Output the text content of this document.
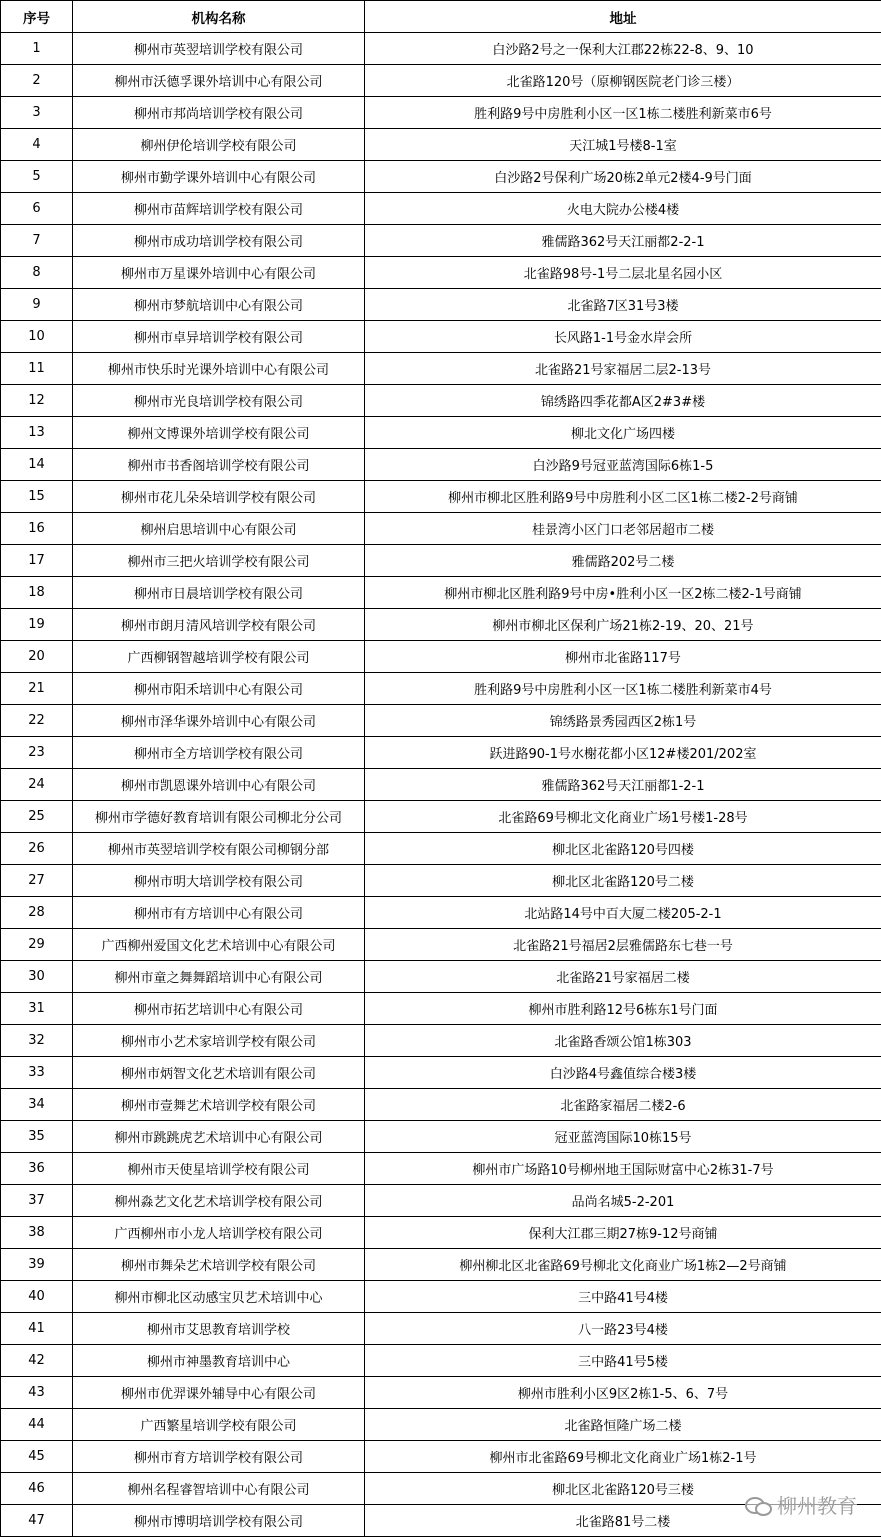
序号	机构名称	地址
1	柳州市英翌培训学校有限公司	白沙路2号之一保利大江郡22栋22-8、9、10
2	柳州市沃德孚课外培训中心有限公司	北雀路120号（原柳钢医院老门诊三楼）
3	柳州市邦尚培训学校有限公司	胜利路9号中房胜利小区一区1栋二楼胜利新菜市6号
4	柳州伊伦培训学校有限公司	天江城1号楼8-1室
5	柳州市勤学课外培训中心有限公司	白沙路2号保利广场20栋2单元2楼4-9号门面
6	柳州市苗辉培训学校有限公司	火电大院办公楼4楼
7	柳州市成功培训学校有限公司	雅儒路362号天江丽都2-2-1
8	柳州市万星课外培训中心有限公司	北雀路98号-1号二层北星名园小区
9	柳州市梦航培训中心有限公司	北雀路7区31号3楼
10	柳州市卓异培训学校有限公司	长风路1-1号金水岸会所
11	柳州市快乐时光课外培训中心有限公司	北雀路21号家福居二层2-13号
12	柳州市光良培训学校有限公司	锦绣路四季花都A区2#3#楼
13	柳州文博课外培训学校有限公司	柳北文化广场四楼
14	柳州市书香阁培训学校有限公司	白沙路9号冠亚蓝湾国际6栋1-5
15	柳州市花儿朵朵培训学校有限公司	柳州市柳北区胜利路9号中房胜利小区二区1栋二楼2-2号商铺
16	柳州启思培训中心有限公司	桂景湾小区门口老邻居超市二楼
17	柳州市三把火培训学校有限公司	雅儒路202号二楼
18	柳州市日晨培训学校有限公司	柳州市柳北区胜利路9号中房•胜利小区一区2栋二楼2-1号商铺
19	柳州市朗月清风培训学校有限公司	柳州市柳北区保利广场21栋2-19、20、21号
20	广西柳钢智越培训学校有限公司	柳州市北雀路117号
21	柳州市阳禾培训中心有限公司	胜利路9号中房胜利小区一区1栋二楼胜利新菜市4号
22	柳州市泽华课外培训中心有限公司	锦绣路景秀园西区2栋1号
23	柳州市全方培训学校有限公司	跃进路90-1号水榭花都小区12#楼201/202室
24	柳州市凯恩课外培训中心有限公司	雅儒路362号天江丽都1-2-1
25	柳州市学德好教育培训有限公司柳北分公司	北雀路69号柳北文化商业广场1号楼1-28号
26	柳州市英翌培训学校有限公司柳钢分部	柳北区北雀路120号四楼
27	柳州市明大培训学校有限公司	柳北区北雀路120号二楼
28	柳州市有方培训中心有限公司	北站路14号中百大厦二楼205-2-1
29	广西柳州爱国文化艺术培训中心有限公司	北雀路21号福居2层雅儒路东七巷一号
30	柳州市童之舞舞蹈培训中心有限公司	北雀路21号家福居二楼
31	柳州市拓艺培训中心有限公司	柳州市胜利路12号6栋东1号门面
32	柳州市小艺术家培训学校有限公司	北雀路香颂公馆1栋303
33	柳州市炳智文化艺术培训有限公司	白沙路4号鑫值综合楼3楼
34	柳州市壹舞艺术培训学校有限公司	北雀路家福居二楼2-6
35	柳州市跳跳虎艺术培训中心有限公司	冠亚蓝湾国际10栋15号
36	柳州市天使星培训学校有限公司	柳州市广场路10号柳州地王国际财富中心2栋31-7号
37	柳州淼艺文化艺术培训学校有限公司	品尚名城5-2-201
38	广西柳州市小龙人培训学校有限公司	保利大江郡三期27栋9-12号商铺
39	柳州市舞朵艺术培训学校有限公司	柳州柳北区北雀路69号柳北文化商业广场1栋2—2号商铺
40	柳州市柳北区动感宝贝艺术培训中心	三中路41号4楼
41	柳州市艾思教育培训学校	八一路23号4楼
42	柳州市神墨教育培训中心	三中路41号5楼
43	柳州市优羿课外辅导中心有限公司	柳州市胜利小区9区2栋1-5、6、7号
44	广西繁星培训学校有限公司	北雀路恒隆广场二楼
45	柳州市育方培训学校有限公司	柳州市北雀路69号柳北文化商业广场1栋2-1号
46	柳州名程睿智培训中心有限公司	柳北区北雀路120号三楼
47	柳州市博明培训学校有限公司	北雀路81号二楼
柳州教育
